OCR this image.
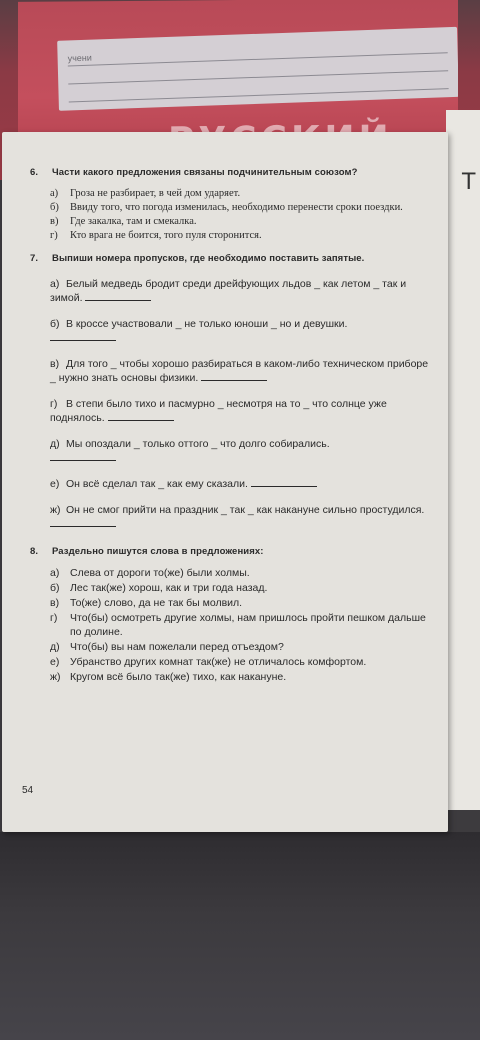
учени
Т
6.	Части какого предложения связаны подчинительным союзом?
а)	Гроза не разбирает, в чей дом ударяет.
б)	Ввиду того, что погода изменилась, необходимо перенести сроки поездки.
в)	Где закалка, там и смекалка.
г)	Кто врага не боится, того пуля сторонится.
7.	Выпиши номера пропусков, где необходимо поставить запятые.
а) Белый медведь бродит среди дрейфующих льдов _ как летом _ так и зимой.
б) В кроссе участвовали _ не только юноши _ но и девушки.

в) Для того _ чтобы хорошо разбираться в каком-либо техническом приборе _ нужно знать основы физики.
г) В степи было тихо и пасмурно _ несмотря на то _ что солнце уже поднялось.
д) Мы опоздали _ только оттого _ что долго собирались.

е) Он всё сделал так _ как ему сказали.
ж) Он не смог прийти на праздник _ так _ как накануне сильно простудился.
8.	Раздельно пишутся слова в предложениях:
а)	Слева от дороги то(же) были холмы.
б) Лес так(же) хорош, как и три года назад.
в)	То(же) слово, да не так бы молвил.
г)	Что(бы) осмотреть другие холмы, нам пришлось пройти пешком дальше по долине.
д) Что(бы) вы нам пожелали перед отъездом?
е)	Убранство других комнат так(же) не отличалось комфортом.
ж) Кругом всё было так(же) тихо, как накануне.
54
